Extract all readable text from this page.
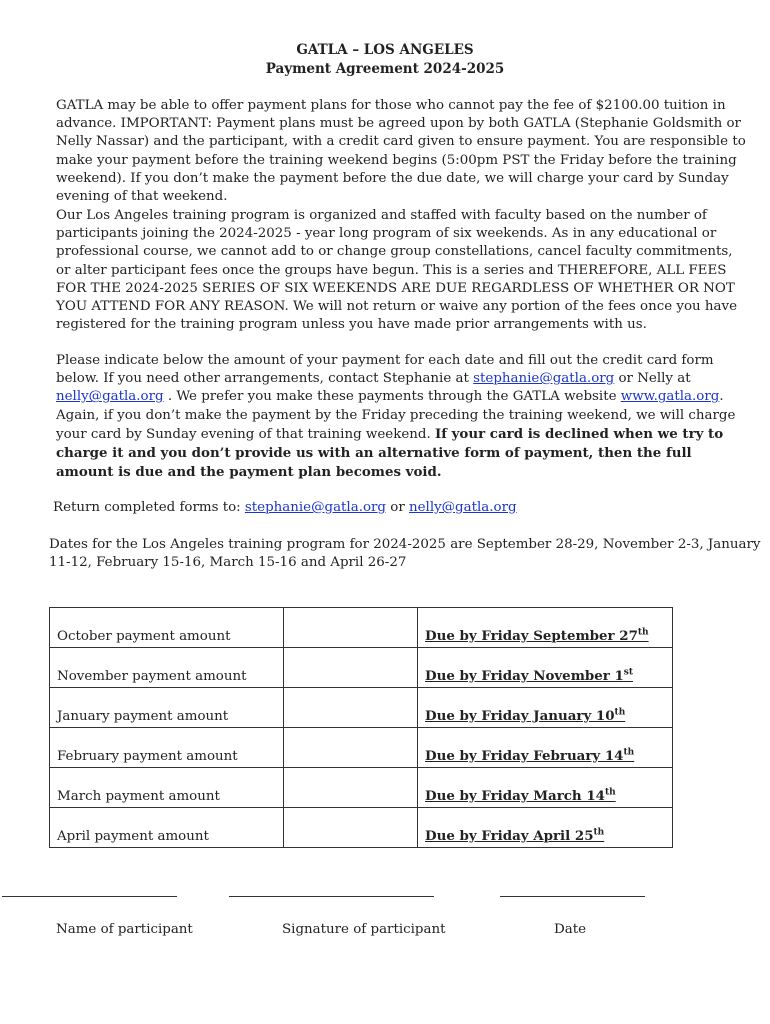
GATLA – LOS ANGELES
Payment Agreement 2024-2025

GATLA may be able to offer payment plans for those who cannot pay the fee of $2100.00 tuition in advance. IMPORTANT: Payment plans must be agreed upon by both GATLA (Stephanie Goldsmith or Nelly Nassar) and the participant, with a credit card given to ensure payment. You are responsible to make your payment before the training weekend begins (5:00pm PST the Friday before the training weekend). If you don’t make the payment before the due date, we will charge your card by Sunday evening of that weekend.

Our Los Angeles training program is organized and staffed with faculty based on the number of participants joining the 2024-2025 - year long program of six weekends. As in any educational or professional course, we cannot add to or change group constellations, cancel faculty commitments, or alter participant fees once the groups have begun. This is a series and THEREFORE, ALL FEES FOR THE 2024-2025 SERIES OF SIX WEEKENDS ARE DUE REGARDLESS OF WHETHER OR NOT YOU ATTEND FOR ANY REASON. We will not return or waive any portion of the fees once you have registered for the training program unless you have made prior arrangements with us.

Please indicate below the amount of your payment for each date and fill out the credit card form below. If you need other arrangements, contact Stephanie at stephanie@gatla.org or Nelly at nelly@gatla.org . We prefer you make these payments through the GATLA website www.gatla.org. Again, if you don’t make the payment by the Friday preceding the training weekend, we will charge your card by Sunday evening of that training weekend. If your card is declined when we try to charge it and you don’t provide us with an alternative form of payment, then the full amount is due and the payment plan becomes void.

Return completed forms to: stephanie@gatla.org or nelly@gatla.org

Dates for the Los Angeles training program for 2024-2025 are September 28-29, November 2-3, January 11-12, February 15-16, March 15-16 and April 26-27

October payment amount		Due by Friday September 27th
November payment amount		Due by Friday November 1st
January payment amount		Due by Friday January 10th
February payment amount		Due by Friday February 14th
March payment amount		Due by Friday March 14th
April payment amount		Due by Friday April 25th
Name of participant	Signature of participant	Date
